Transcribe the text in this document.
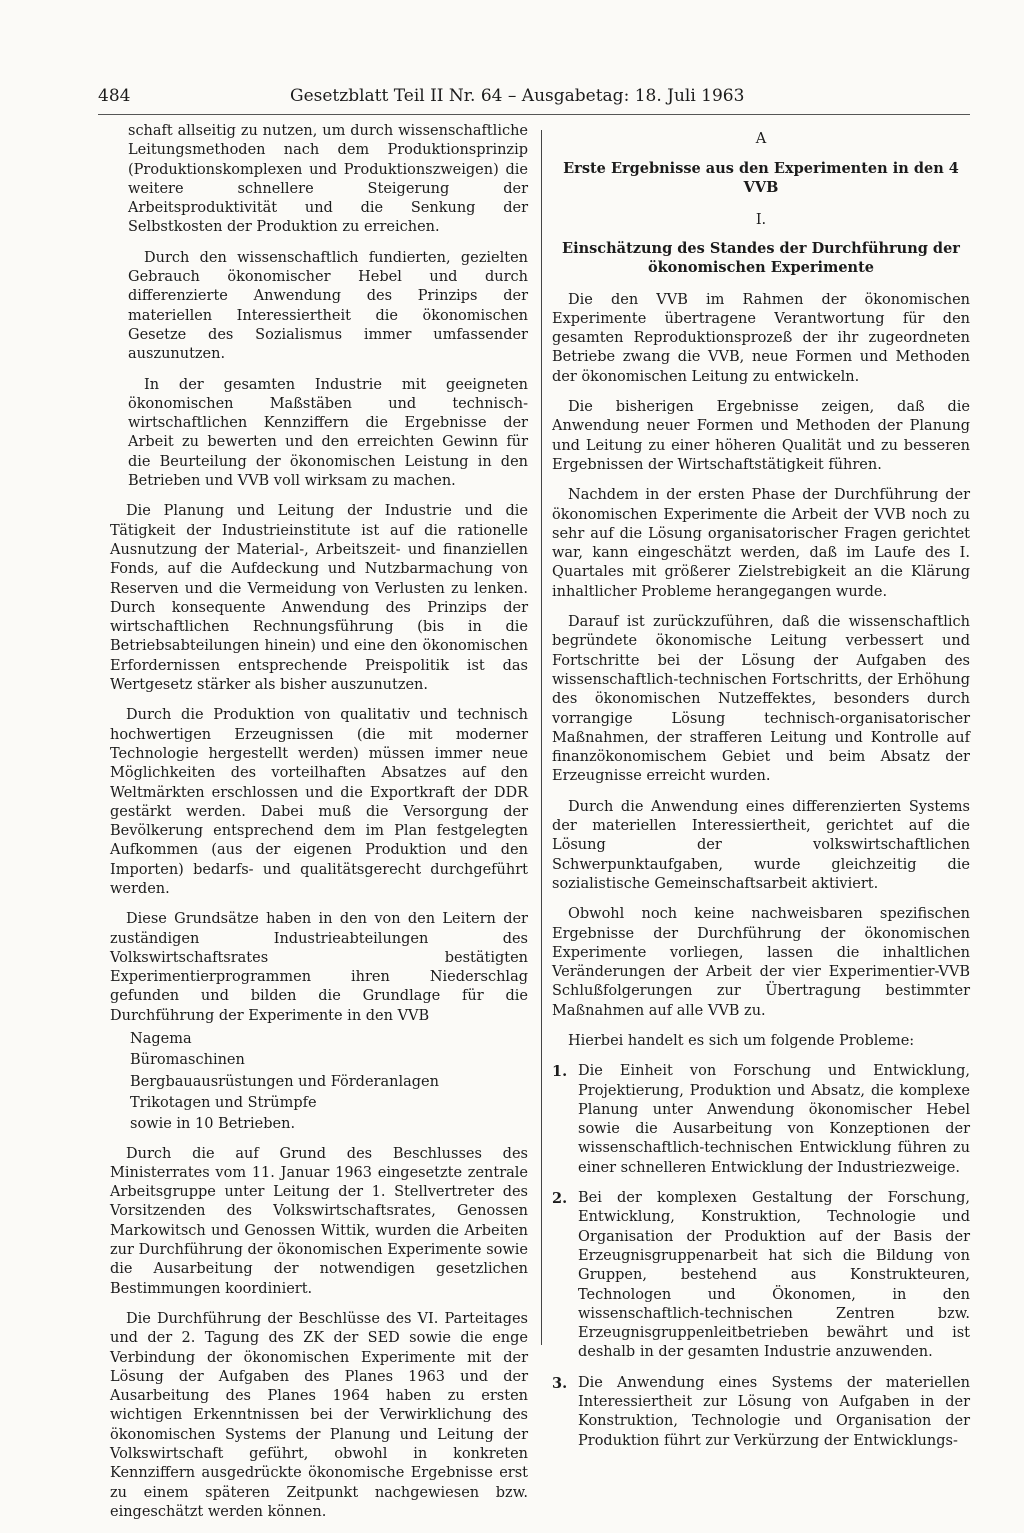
484	Gesetzblatt Teil II Nr. 64 – Ausgabetag: 18. Juli 1963

schaft allseitig zu nutzen, um durch wissenschaftliche Leitungsmethoden nach dem Produktionsprinzip (Produktionskomplexen und Produktionszweigen) die weitere schnellere Steigerung der Arbeitsproduktivität und die Senkung der Selbstkosten der Produktion zu erreichen.

Durch den wissenschaftlich fundierten, gezielten Gebrauch ökonomischer Hebel und durch differenzierte Anwendung des Prinzips der materiellen Interessiertheit die ökonomischen Gesetze des Sozialismus immer umfassender auszunutzen.

In der gesamten Industrie mit geeigneten ökonomischen Maßstäben und technisch-wirtschaftlichen Kennziffern die Ergebnisse der Arbeit zu bewerten und den erreichten Gewinn für die Beurteilung der ökonomischen Leistung in den Betrieben und VVB voll wirksam zu machen.

Die Planung und Leitung der Industrie und die Tätigkeit der Industrieinstitute ist auf die rationelle Ausnutzung der Material-, Arbeitszeit- und finanziellen Fonds, auf die Aufdeckung und Nutzbarmachung von Reserven und die Vermeidung von Verlusten zu lenken. Durch konsequente Anwendung des Prinzips der wirtschaftlichen Rechnungsführung (bis in die Betriebsabteilungen hinein) und eine den ökonomischen Erfordernissen entsprechende Preispolitik ist das Wertgesetz stärker als bisher auszunutzen.

Durch die Produktion von qualitativ und technisch hochwertigen Erzeugnissen (die mit moderner Technologie hergestellt werden) müssen immer neue Möglichkeiten des vorteilhaften Absatzes auf den Weltmärkten erschlossen und die Exportkraft der DDR gestärkt werden. Dabei muß die Versorgung der Bevölkerung entsprechend dem im Plan festgelegten Aufkommen (aus der eigenen Produktion und den Importen) bedarfs- und qualitätsgerecht durchgeführt werden.

Diese Grundsätze haben in den von den Leitern der zuständigen Industrieabteilungen des Volkswirtschaftsrates bestätigten Experimentierprogrammen ihren Niederschlag gefunden und bilden die Grundlage für die Durchführung der Experimente in den VVB

Nagema
Büromaschinen
Bergbauausrüstungen und Förderanlagen
Trikotagen und Strümpfe
sowie in 10 Betrieben.

Durch die auf Grund des Beschlusses des Ministerrates vom 11. Januar 1963 eingesetzte zentrale Arbeitsgruppe unter Leitung der 1. Stellvertreter des Vorsitzenden des Volkswirtschaftsrates, Genossen Markowitsch und Genossen Wittik, wurden die Arbeiten zur Durchführung der ökonomischen Experimente sowie die Ausarbeitung der notwendigen gesetzlichen Bestimmungen koordiniert.

Die Durchführung der Beschlüsse des VI. Parteitages und der 2. Tagung des ZK der SED sowie die enge Verbindung der ökonomischen Experimente mit der Lösung der Aufgaben des Planes 1963 und der Ausarbeitung des Planes 1964 haben zu ersten wichtigen Erkenntnissen bei der Verwirklichung des ökonomischen Systems der Planung und Leitung der Volkswirtschaft geführt, obwohl in konkreten Kennziffern ausgedrückte ökonomische Ergebnisse erst zu einem späteren Zeitpunkt nachgewiesen bzw. eingeschätzt werden können.

A
Erste Ergebnisse aus den Experimenten in den 4 VVB
I.
Einschätzung des Standes der Durchführung der ökonomischen Experimente

Die den VVB im Rahmen der ökonomischen Experimente übertragene Verantwortung für den gesamten Reproduktionsprozeß der ihr zugeordneten Betriebe zwang die VVB, neue Formen und Methoden der ökonomischen Leitung zu entwickeln.

Die bisherigen Ergebnisse zeigen, daß die Anwendung neuer Formen und Methoden der Planung und Leitung zu einer höheren Qualität und zu besseren Ergebnissen der Wirtschaftstätigkeit führen.

Nachdem in der ersten Phase der Durchführung der ökonomischen Experimente die Arbeit der VVB noch zu sehr auf die Lösung organisatorischer Fragen gerichtet war, kann eingeschätzt werden, daß im Laufe des I. Quartales mit größerer Zielstrebigkeit an die Klärung inhaltlicher Probleme herangegangen wurde.

Darauf ist zurückzuführen, daß die wissenschaftlich begründete ökonomische Leitung verbessert und Fortschritte bei der Lösung der Aufgaben des wissenschaftlich-technischen Fortschritts, der Erhöhung des ökonomischen Nutzeffektes, besonders durch vorrangige Lösung technisch-organisatorischer Maßnahmen, der strafferen Leitung und Kontrolle auf finanzökonomischem Gebiet und beim Absatz der Erzeugnisse erreicht wurden.

Durch die Anwendung eines differenzierten Systems der materiellen Interessiertheit, gerichtet auf die Lösung der volkswirtschaftlichen Schwerpunktaufgaben, wurde gleichzeitig die sozialistische Gemeinschaftsarbeit aktiviert.

Obwohl noch keine nachweisbaren spezifischen Ergebnisse der Durchführung der ökonomischen Experimente vorliegen, lassen die inhaltlichen Veränderungen der Arbeit der vier Experimentier-VVB Schlußfolgerungen zur Übertragung bestimmter Maßnahmen auf alle VVB zu.

Hierbei handelt es sich um folgende Probleme:

1. Die Einheit von Forschung und Entwicklung, Projektierung, Produktion und Absatz, die komplexe Planung unter Anwendung ökonomischer Hebel sowie die Ausarbeitung von Konzeptionen der wissenschaftlich-technischen Entwicklung führen zu einer schnelleren Entwicklung der Industriezweige.
2. Bei der komplexen Gestaltung der Forschung, Entwicklung, Konstruktion, Technologie und Organisation der Produktion auf der Basis der Erzeugnisgruppenarbeit hat sich die Bildung von Gruppen, bestehend aus Konstrukteuren, Technologen und Ökonomen, in den wissenschaftlich-technischen Zentren bzw. Erzeugnisgruppenleitbetrieben bewährt und ist deshalb in der gesamten Industrie anzuwenden.
3. Die Anwendung eines Systems der materiellen Interessiertheit zur Lösung von Aufgaben in der Konstruktion, Technologie und Organisation der Produktion führt zur Verkürzung der Entwicklungs-
